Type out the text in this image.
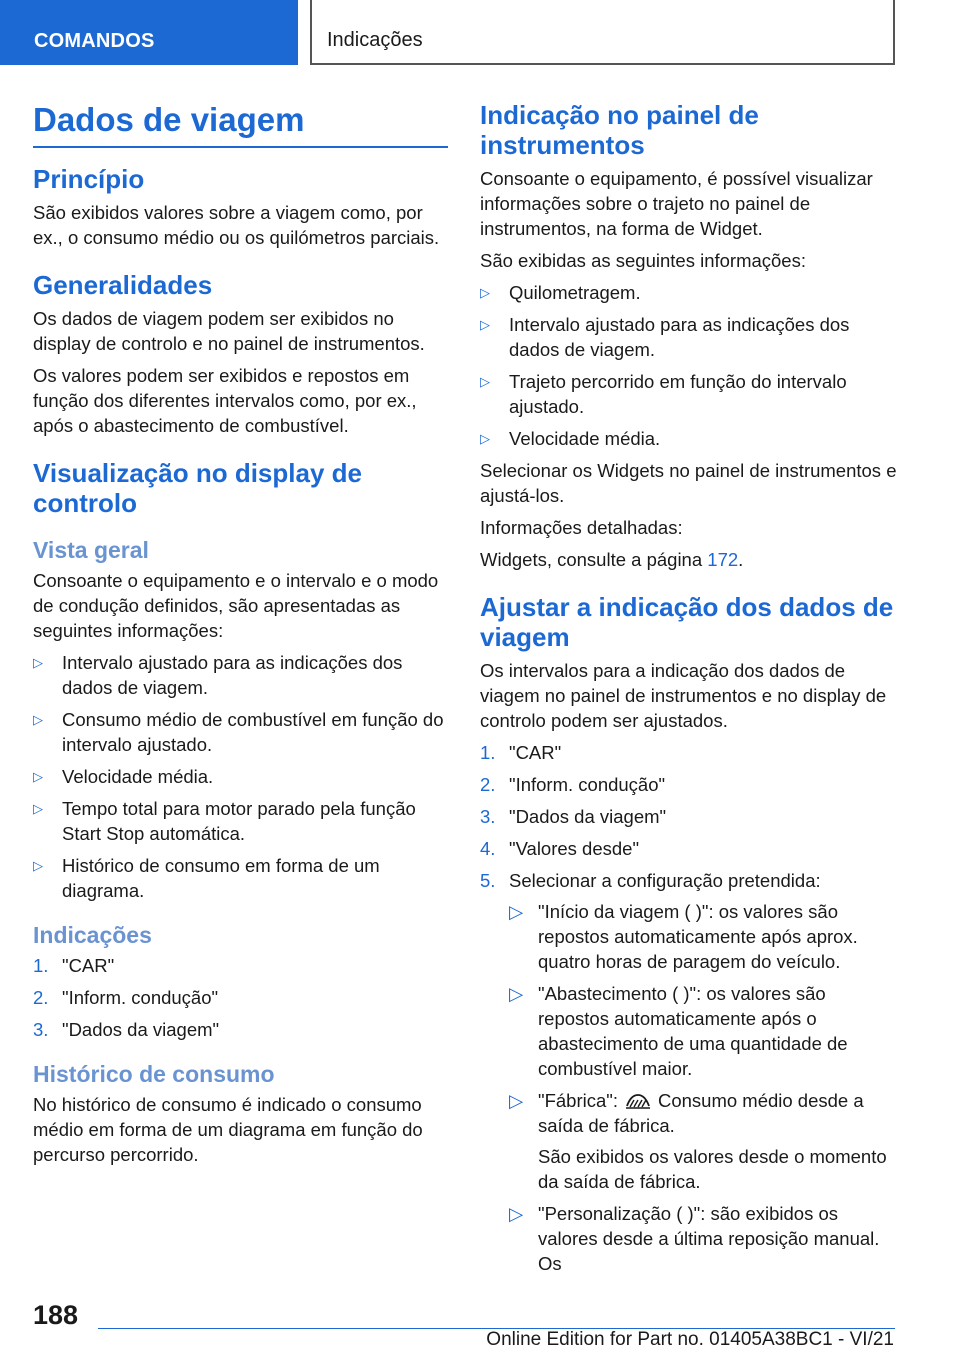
COMANDOS	Indicações
Dados de viagem
Princípio

São exibidos valores sobre a viagem como, por ex., o consumo médio ou os quilómetros parciais.

Generalidades

Os dados de viagem podem ser exibidos no display de controlo e no painel de instrumentos.

Os valores podem ser exibidos e repostos em função dos diferentes intervalos como, por ex., após o abastecimento de combustível.

Visualização no display de controlo
Vista geral

Consoante o equipamento e o intervalo e o modo de condução definidos, são apresentadas as seguintes informações:

▷ Intervalo ajustado para as indicações dos dados de viagem.
▷ Consumo médio de combustível em função do intervalo ajustado.
▷ Velocidade média.
▷ Tempo total para motor parado pela função Start Stop automática.
▷ Histórico de consumo em forma de um diagrama.
Indicações
1. "CAR"
2. "Inform. condução"
3. "Dados da viagem"
Histórico de consumo

No histórico de consumo é indicado o consumo médio em forma de um diagrama em função do percurso percorrido.

Indicação no painel de instrumentos

Consoante o equipamento, é possível visualizar informações sobre o trajeto no painel de instrumentos, na forma de Widget.

São exibidas as seguintes informações:

▷ Quilometragem.
▷ Intervalo ajustado para as indicações dos dados de viagem.
▷ Trajeto percorrido em função do intervalo ajustado.
▷ Velocidade média.

Selecionar os Widgets no painel de instrumentos e ajustá-los.

Informações detalhadas:

Widgets, consulte a página 172.

Ajustar a indicação dos dados de viagem

Os intervalos para a indicação dos dados de viagem no painel de instrumentos e no display de controlo podem ser ajustados.

1. "CAR"
2. "Inform. condução"
3. "Dados da viagem"
4. "Valores desde"
5. Selecionar a configuração pretendida:
▷ "Início da viagem ( )": os valores são repostos automaticamente após aprox. quatro horas de paragem do veículo.
▷ "Abastecimento ( )": os valores são repostos automaticamente após o abastecimento de uma quantidade de combustível maior.
▷ "Fábrica": Consumo médio desde a saída de fábrica.

São exibidos os valores desde o momento da saída de fábrica.

▷ "Personalização ( )": são exibidos os valores desde a última reposição manual. Os
188
Online Edition for Part no. 01405A38BC1 - VI/21
